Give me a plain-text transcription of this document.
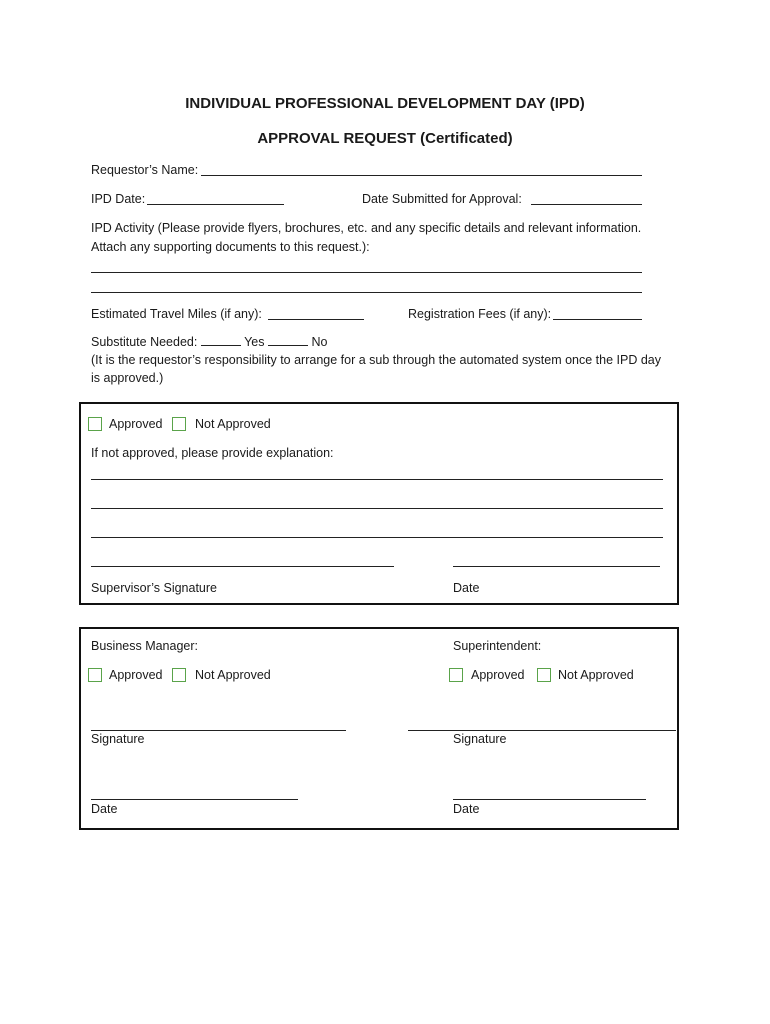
INDIVIDUAL PROFESSIONAL DEVELOPMENT DAY (IPD)
APPROVAL REQUEST (Certificated)
Requestor’s Name:
IPD Date:	Date Submitted for Approval:
IPD Activity (Please provide flyers, brochures, etc. and any specific details and relevant information.
Attach any supporting documents to this request.):
Estimated Travel Miles (if any):	Registration Fees (if any):
Substitute Needed:	Yes	No
(It is the requestor’s responsibility to arrange for a sub through the automated system once the IPD day
is approved.)
Approved	Not Approved
If not approved, please provide explanation:
Supervisor’s Signature	Date
Business Manager:	Superintendent:
Approved	Not Approved	Approved	Not Approved
Signature	Signature
Date	Date
